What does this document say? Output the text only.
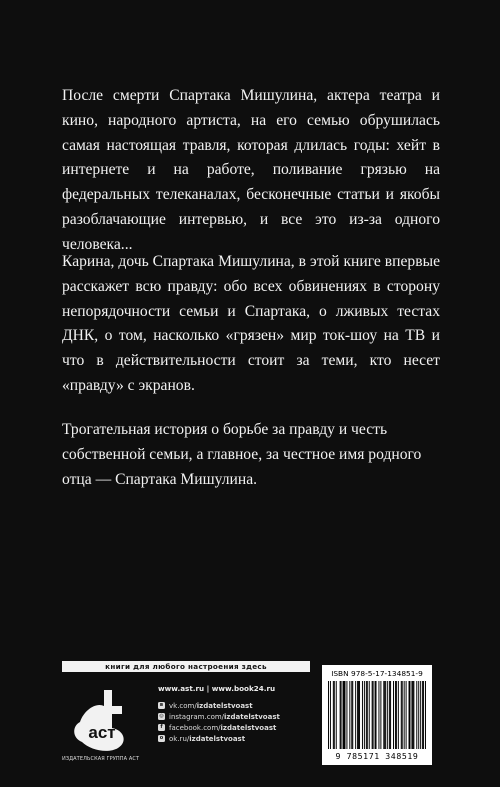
После смерти Спартака Мишулина, актера театра и кино, народного артиста, на его семью обрушилась самая настоящая травля, которая длилась годы: хейт в интернете и на работе, поливание грязью на федеральных телеканалах, бесконечные статьи и якобы разоблачающие интервью, и все это из-за одного человека...

Карина, дочь Спартака Мишулина, в этой книге впервые расскажет всю правду: обо всех обвинениях в сторону непорядочности семьи и Спартака, о лживых тестах ДНК, о том, насколько «грязен» мир ток-шоу на ТВ и что в действительности стоит за теми, кто несет «правду» с экранов.

Трогательная история о борьбе за правду и честь собственной семьи, а главное, за честное имя родного отца — Спартака Мишулина.

книги для любого настроения здесь
аст
ИЗДАТЕЛЬСКАЯ ГРУППА АСТ
www.ast.ru | www.book24.ru
в vk.com/izdatelstvoast
◎ instagram.com/izdatelstvoast
f facebook.com/izdatelstvoast
о ok.ru/izdatelstvoast
ISBN 978-5-17-134851-9
9 785171 348519
